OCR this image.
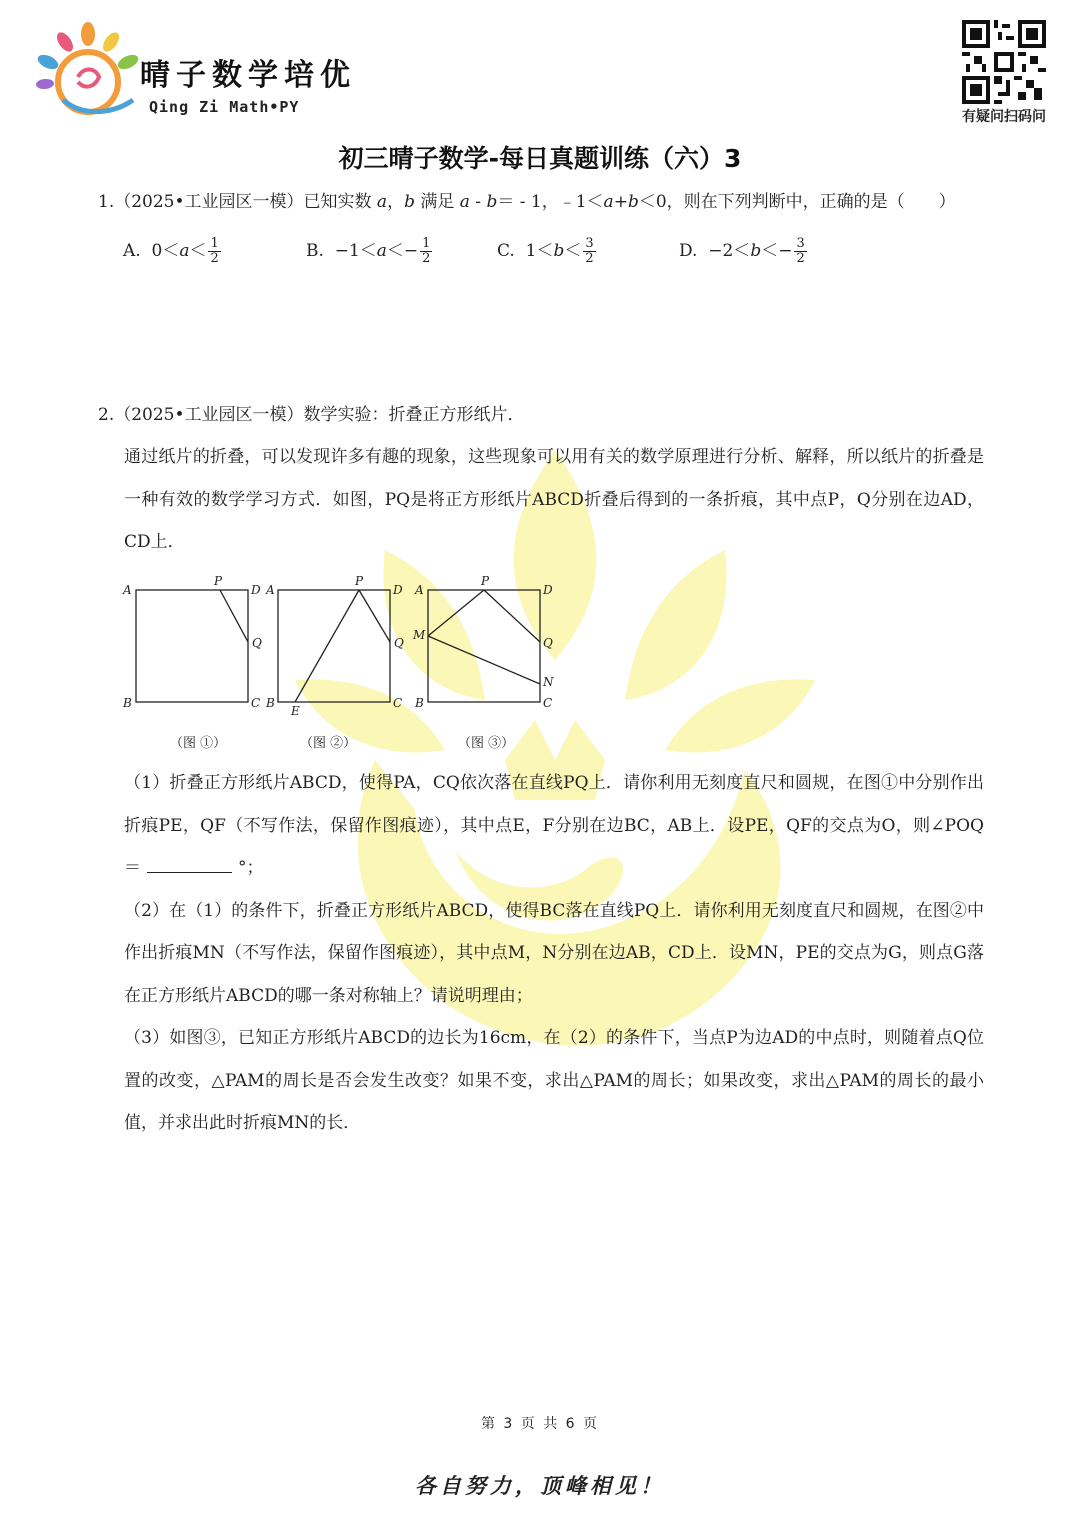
晴子数学培优
Qing Zi Math•PY
有疑问扫码问
初三晴子数学-每日真题训练（六）3
1.（2025•工业园区一模）已知实数 a，b 满足 a - b＝ - 1，﹣1＜a+b＜0，则在下列判断中，正确的是（　　）
A. $0<a< \frac{1}{2}$	B. $-1<a<- \frac{1}{2}$	C. $1<b< \frac{3}{2}$	D. $-2<b<- \frac{3}{2}$
2.（2025•工业园区一模）数学实验：折叠正方形纸片．

通过纸片的折叠，可以发现许多有趣的现象，这些现象可以用有关的数学原理进行分析、解释，所以纸片的折叠是一种有效的数学学习方式．如图，PQ是将正方形纸片ABCD折叠后得到的一条折痕，其中点P，Q分别在边AD，CD上．

A
P
D
Q
B	C
A
P
D
Q
B	C
E
A
P
D
Q
M
N
B	C
（图 ①）	（图 ②）	（图 ③）

（1）折叠正方形纸片ABCD，使得PA，CQ依次落在直线PQ上．请你利用无刻度直尺和圆规，在图①中分别作出折痕PE，QF（不写作法，保留作图痕迹），其中点E，F分别在边BC，AB上．设PE，QF的交点为O，则∠POQ＝	°；

（2）在（1）的条件下，折叠正方形纸片ABCD，使得BC落在直线PQ上．请你利用无刻度直尺和圆规，在图②中作出折痕MN（不写作法，保留作图痕迹），其中点M，N分别在边AB，CD上．设MN，PE的交点为G，则点G落在正方形纸片ABCD的哪一条对称轴上？请说明理由；

（3）如图③，已知正方形纸片ABCD的边长为16cm，在（2）的条件下，当点P为边AD的中点时，则随着点Q位置的改变，△PAM的周长是否会发生改变？如果不变，求出△PAM的周长；如果改变，求出△PAM的周长的最小值，并求出此时折痕MN的长．

第 3 页 共 6 页
各自努力，顶峰相见！
